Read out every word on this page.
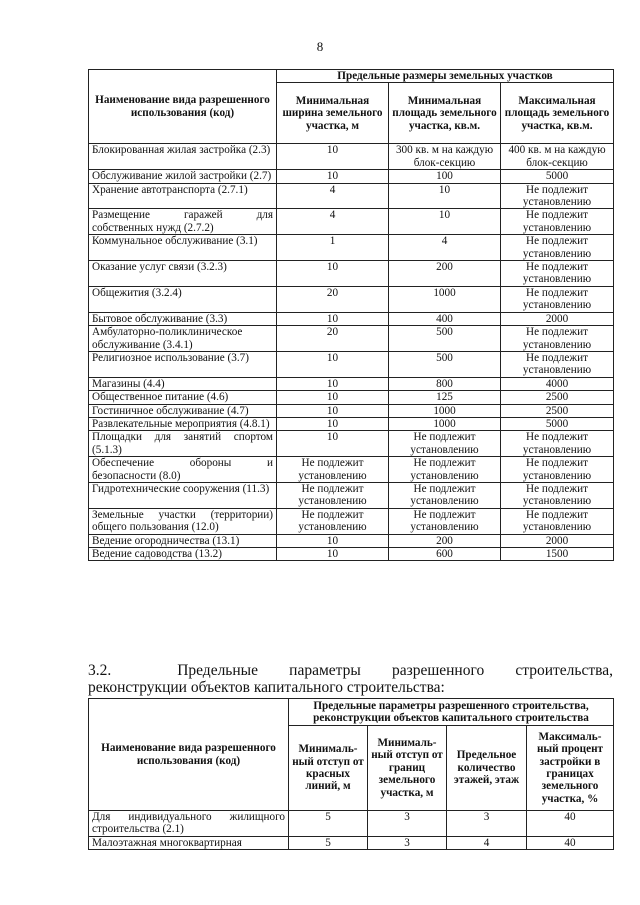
8
Наименование вида разрешенного использования (код)	Предельные размеры земельных участков		
	Минимальная ширина земельного участка, м	Минимальная площадь земельного участка, кв.м.	Максимальная площадь земельного участка, кв.м.
Блокированная жилая застройка (2.3)	10	300 кв. м на каждую блок-секцию	400 кв. м на каждую блок-секцию
Обслуживание жилой застройки (2.7)	10	100	5000
Хранение автотранспорта (2.7.1)	4	10	Не подлежит установлению
Размещение гаражей для собственных нужд (2.7.2)	4	10	Не подлежит установлению
Коммунальное обслуживание (3.1)	1	4	Не подлежит установлению
Оказание услуг связи (3.2.3)	10	200	Не подлежит установлению
Общежития (3.2.4)	20	1000	Не подлежит установлению
Бытовое обслуживание (3.3)	10	400	2000
Амбулаторно-поликлиническое обслуживание (3.4.1)	20	500	Не подлежит установлению
Религиозное использование (3.7)	10	500	Не подлежит установлению
Магазины (4.4)	10	800	4000
Общественное питание (4.6)	10	125	2500
Гостиничное обслуживание (4.7)	10	1000	2500
Развлекательные мероприятия (4.8.1)	10	1000	5000
Площадки для занятий спортом (5.1.3)	10	Не подлежит установлению	Не подлежит установлению
Обеспечение обороны и безопасности (8.0)	Не подлежит установлению	Не подлежит установлению	Не подлежит установлению
Гидротехнические сооружения (11.3)	Не подлежит установлению	Не подлежит установлению	Не подлежит установлению
Земельные участки (территории) общего пользования (12.0)	Не подлежит установлению	Не подлежит установлению	Не подлежит установлению
Ведение огородничества (13.1)	10	200	2000
Ведение садоводства (13.2)	10	600	1500
3.2.	Предельные параметры разрешенного строительства,
реконструкции объектов капитального строительства:
Наименование вида разрешенного использования (код)	Предельные параметры разрешенного строительства, реконструкции объектов капитального строительства			
	Минималь-ный отступ от красных линий, м	Минималь-ный отступ от границ земельного участка, м	Предельное количество этажей, этаж	Максималь-ный процент застройки в границах земельного участка, %
Для индивидуального жилищного строительства (2.1)	5	3	3	40
Малоэтажная многоквартирная	5	3	4	40
